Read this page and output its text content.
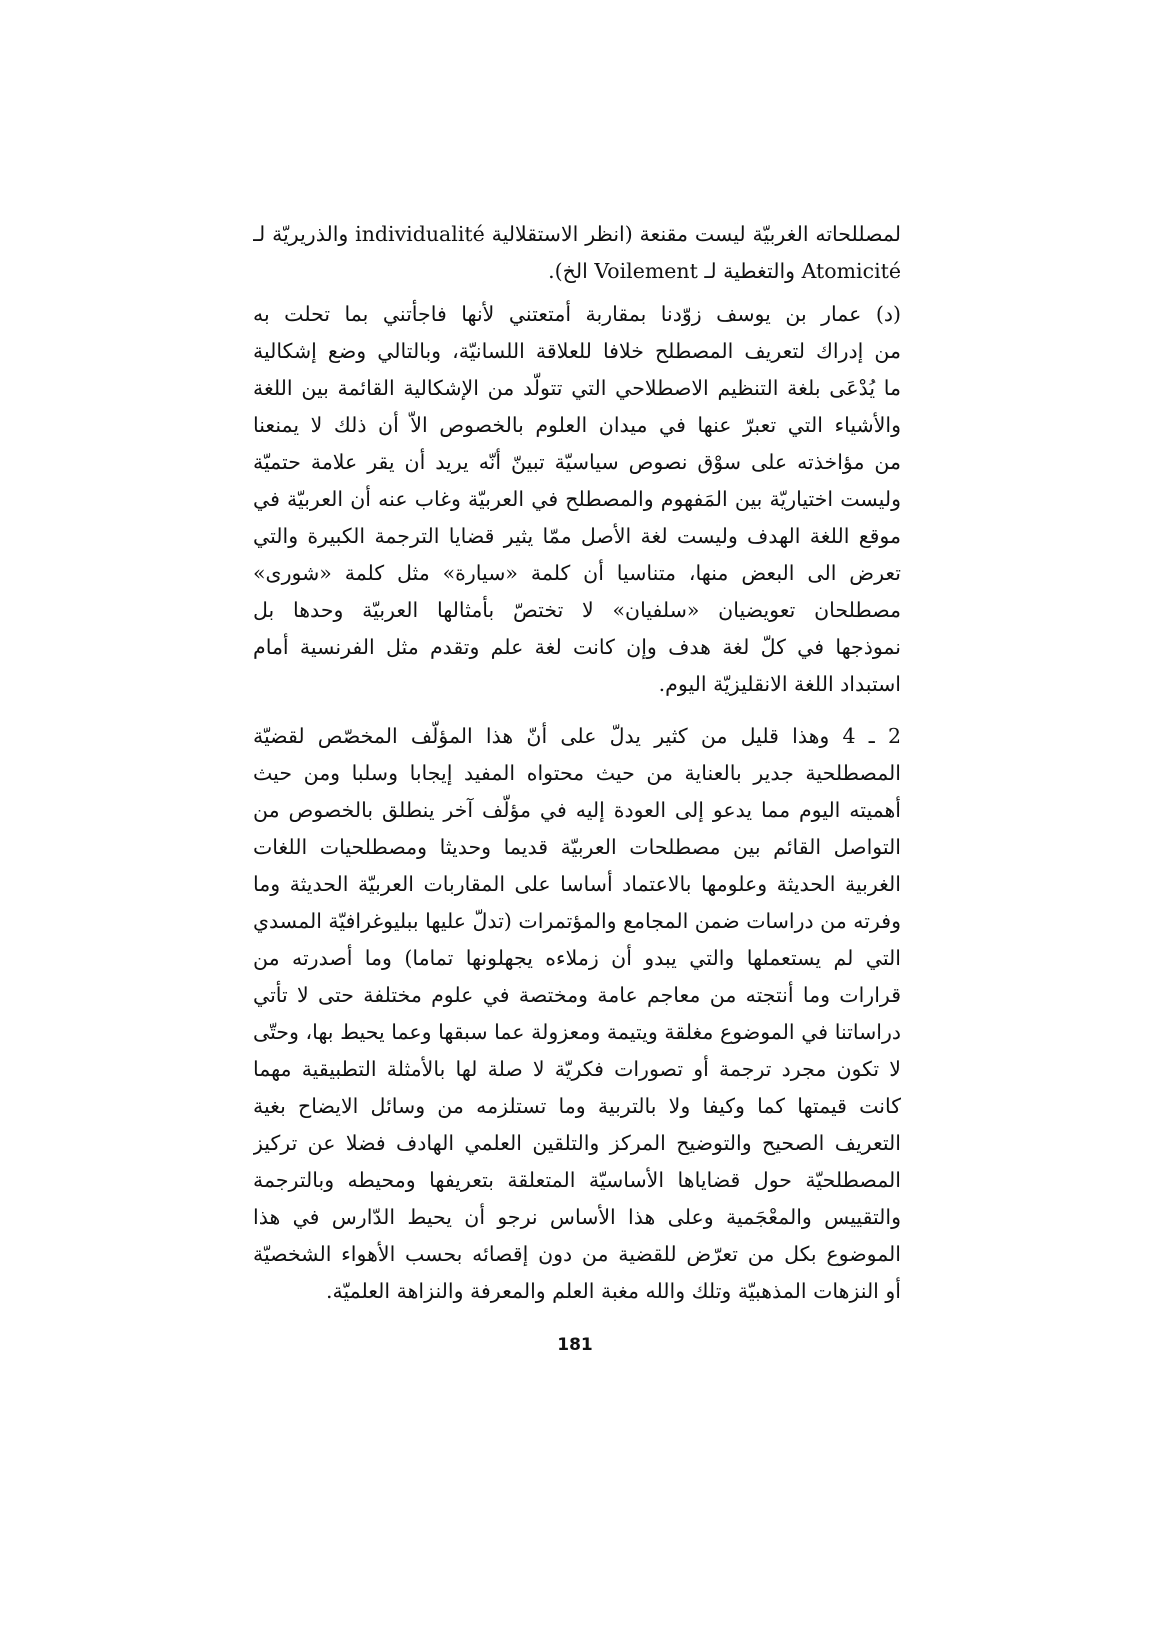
لمصللحاته الغربيّة ليست مقنعة (انظر الاستقلالية individualité والذريريّة لـ
Atomicité والتغطية لـ Voilement الخ).
(د) عمار بن يوسف زوّدنا بمقاربة أمتعتني لأنها فاجأتني بما تحلت به
من إدراك لتعريف المصطلح خلافا للعلاقة اللسانيّة، وبالتالي وضع إشكالية
ما يُدْعَى بلغة التنظيم الاصطلاحي التي تتولّد من الإشكالية القائمة بين اللغة
والأشياء التي تعبرّ عنها في ميدان العلوم بالخصوص الاّ أن ذلك لا يمنعنا
من مؤاخذته على سوْق نصوص سياسيّة تبينّ أنّه يريد أن يقر علامة حتميّة
وليست اختياريّة بين المَفهوم والمصطلح في العربيّة وغاب عنه أن العربيّة في
موقع اللغة الهدف وليست لغة الأصل ممّا يثير قضايا الترجمة الكبيرة والتي
تعرض الى البعض منها، متناسيا أن كلمة «سيارة» مثل كلمة «شورى»
مصطلحان تعويضيان «سلفيان» لا تختصّ بأمثالها العربيّة وحدها بل
نموذجها في كلّ لغة هدف وإن كانت لغة علم وتقدم مثل الفرنسية أمام
استبداد اللغة الانقليزيّة اليوم.
2 ـ 4 وهذا قليل من كثير يدلّ على أنّ هذا المؤلّف المخصّص لقضيّة
المصطلحية جدير بالعناية من حيث محتواه المفيد إيجابا وسلبا ومن حيث
أهميته اليوم مما يدعو إلى العودة إليه في مؤلّف آخر ينطلق بالخصوص من
التواصل القائم بين مصطلحات العربيّة قديما وحديثا ومصطلحيات اللغات
الغربية الحديثة وعلومها بالاعتماد أساسا على المقاربات العربيّة الحديثة وما
وفرته من دراسات ضمن المجامع والمؤتمرات (تدلّ عليها ببليوغرافيّة المسدي
التي لم يستعملها والتي يبدو أن زملاءه يجهلونها تماما) وما أصدرته من
قرارات وما أنتجته من معاجم عامة ومختصة في علوم مختلفة حتى لا تأتي
دراساتنا في الموضوع مغلقة ويتيمة ومعزولة عما سبقها وعما يحيط بها، وحتّى
لا تكون مجرد ترجمة أو تصورات فكريّة لا صلة لها بالأمثلة التطبيقية مهما
كانت قيمتها كما وكيفا ولا بالتربية وما تستلزمه من وسائل الايضاح بغية
التعريف الصحيح والتوضيح المركز والتلقين العلمي الهادف فضلا عن تركيز
المصطلحيّة حول قضاياها الأساسيّة المتعلقة بتعريفها ومحيطه وبالترجمة
والتقييس والمعْجَمية وعلى هذا الأساس نرجو أن يحيط الدّارس في هذا
الموضوع بكل من تعرّض للقضية من دون إقصائه بحسب الأهواء الشخصيّة
أو النزهات المذهبيّة وتلك والله مغبة العلم والمعرفة والنزاهة العلميّة.
181
